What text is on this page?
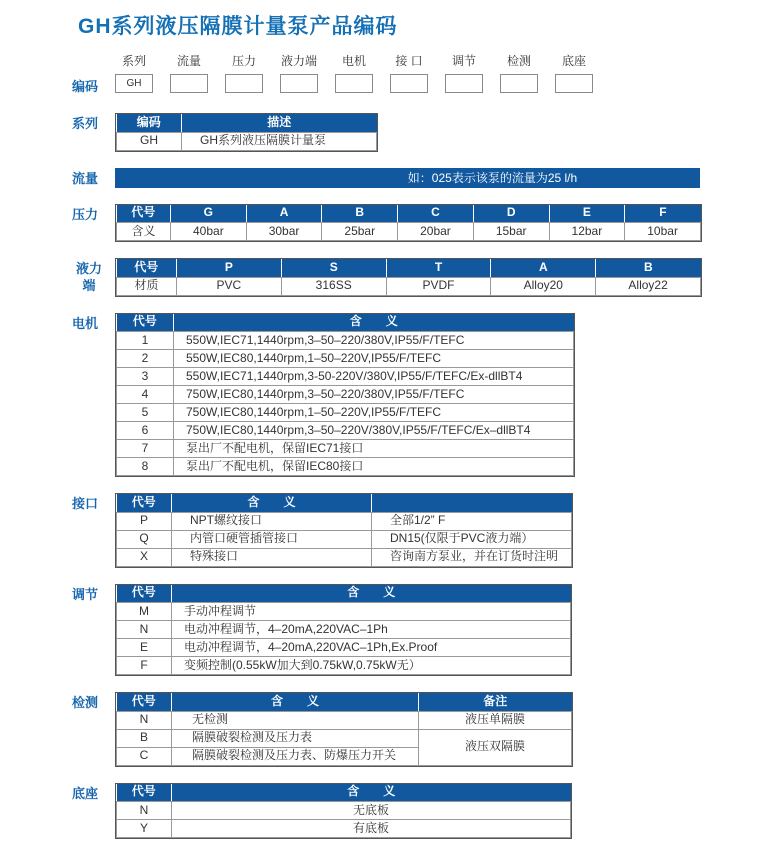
GH系列液压隔膜计量泵产品编码
编码
系列
GH
流量	压力 液力端 电机 接 口 调节	检测	底座
系列	编码	描述
GH	GH系列液压隔膜计量泵
流量	如：025表示该泵的流量为25 l/h
压力	代号	G	A	B	C	D	E	F
含义	40bar	30bar	25bar	20bar	15bar	12bar	10bar
液力端
代号	P	S	T	A	B
材质	PVC	316SS	PVDF	Alloy20	Alloy22
电机	代号	含　　义
1	550W,IEC71,1440rpm,3–50–220/380V,IP55/F/TEFC
2	550W,IEC80,1440rpm,1–50–220V,IP55/F/TEFC
3	550W,IEC71,1440rpm,3-50-220V/380V,IP55/F/TEFC/Ex-dllBT4
4	750W,IEC80,1440rpm,3–50–220/380V,IP55/F/TEFC
5	750W,IEC80,1440rpm,1–50–220V,IP55/F/TEFC
6	750W,IEC80,1440rpm,3–50–220V/380V,IP55/F/TEFC/Ex–dllBT4
7	泵出厂不配电机，保留IEC71接口
8	泵出厂不配电机，保留IEC80接口
接口	代号	含　　义	
P	NPT螺纹接口	全部1/2” F
Q	内管口硬管插管接口	DN15(仅限于PVC液力端）
X	特殊接口	咨询南方泵业，并在订货时注明
调节	代号	含　　义
M	手动冲程调节
N	电动冲程调节，4–20mA,220VAC–1Ph
E	电动冲程调节，4–20mA,220VAC–1Ph,Ex.Proof
F	变频控制(0.55kW加大到0.75kW,0.75kW无）
检测	代号	含　　义	备注
N	无检测	液压单隔膜
B	隔膜破裂检测及压力表	液压双隔膜
C	隔膜破裂检测及压力表、防爆压力开关	
底座	代号	含　　义
N	无底板
Y	有底板
